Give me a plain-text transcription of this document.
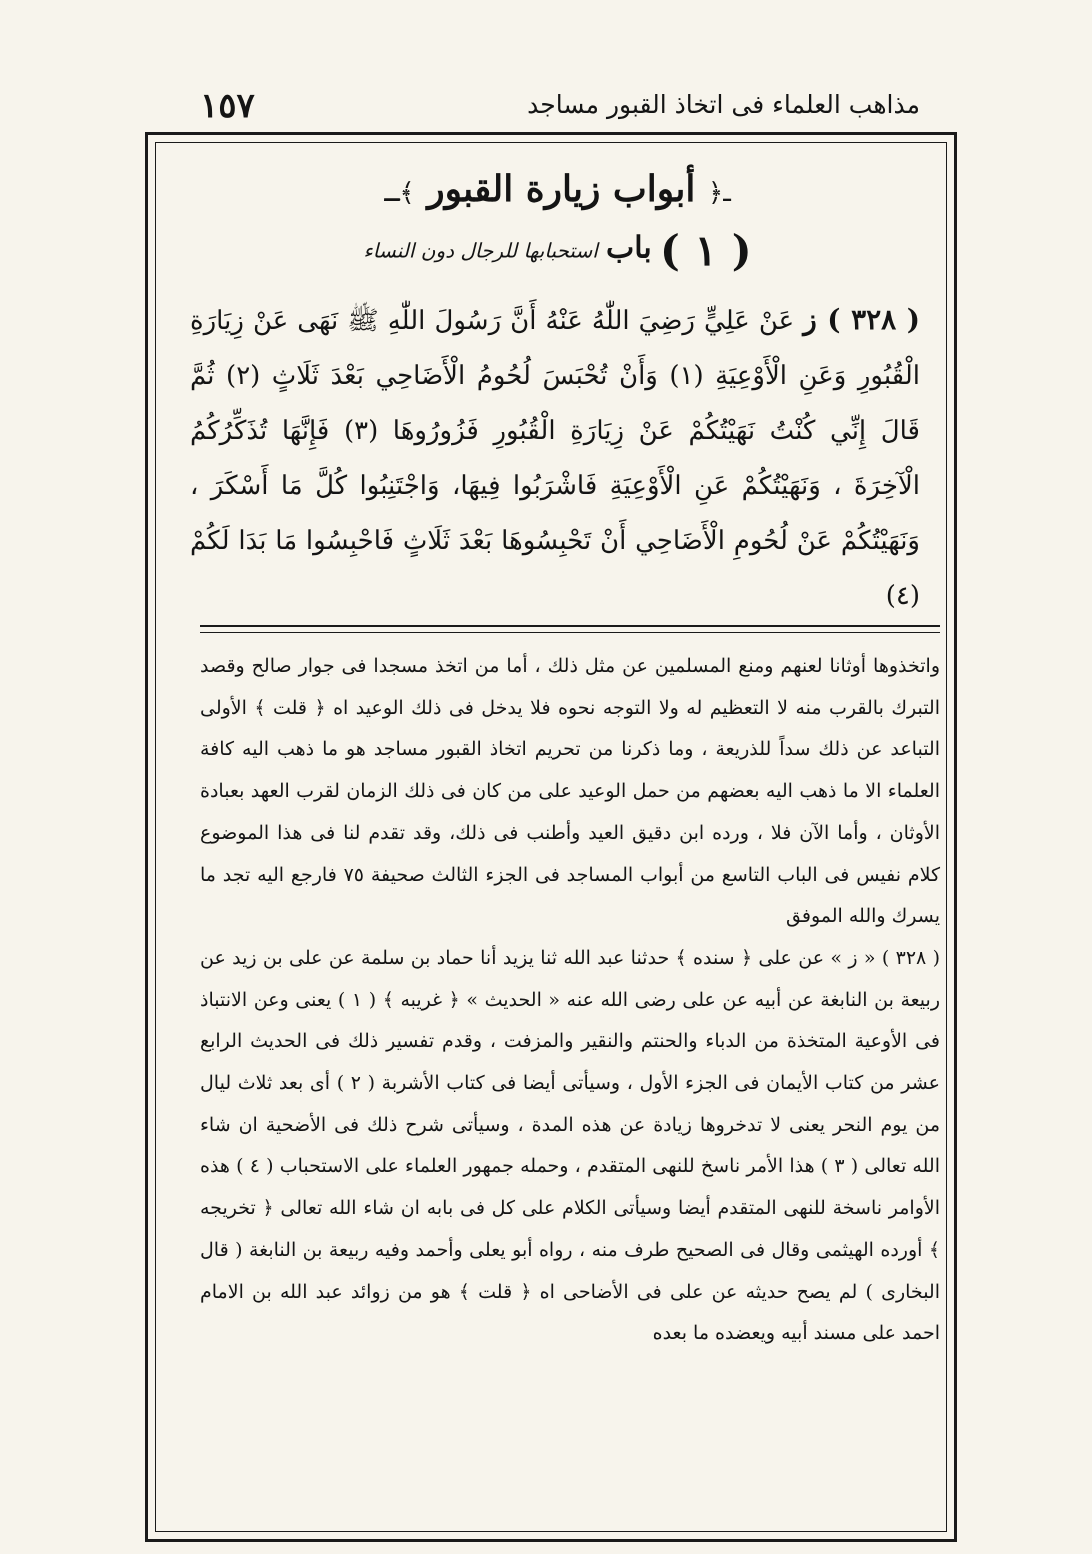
مذاهب العلماء فى اتخاذ القبور مساجد
١٥٧
ـ﴿ أبواب زيارة القبور ﴾ـ
( ١ ) باب استحبابها للرجال دون النساء
( ٣٢٨ ) ز عَنْ عَلِيٍّ رَضِيَ اللّٰهُ عَنْهُ أَنَّ رَسُولَ اللّٰهِ ﷺ نَهَى عَنْ زِيَارَةِ الْقُبُورِ وَعَنِ الْأَوْعِيَةِ (١) وَأَنْ تُحْبَسَ لُحُومُ الْأَضَاحِي بَعْدَ ثَلَاثٍ (٢) ثُمَّ قَالَ إِنِّي كُنْتُ نَهَيْتُكُمْ عَنْ زِيَارَةِ الْقُبُورِ فَزُورُوهَا (٣) فَإِنَّهَا تُذَكِّرُكُمُ الْآخِرَةَ ، وَنَهَيْتُكُمْ عَنِ الْأَوْعِيَةِ فَاشْرَبُوا فِيهَا، وَاجْتَنِبُوا كُلَّ مَا أَسْكَرَ ، وَنَهَيْتُكُمْ عَنْ لُحُومِ الْأَضَاحِي أَنْ تَحْبِسُوهَا بَعْدَ ثَلَاثٍ فَاحْبِسُوا مَا بَدَا لَكُمْ (٤)

واتخذوها أوثانا لعنهم ومنع المسلمين عن مثل ذلك ، أما من اتخذ مسجدا فى جوار صالح وقصد التبرك بالقرب منه لا التعظيم له ولا التوجه نحوه فلا يدخل فى ذلك الوعيد اه ﴿ قلت ﴾ الأولى التباعد عن ذلك سداً للذريعة ، وما ذكرنا من تحريم اتخاذ القبور مساجد هو ما ذهب اليه كافة العلماء الا ما ذهب اليه بعضهم من حمل الوعيد على من كان فى ذلك الزمان لقرب العهد بعبادة الأوثان ، وأما الآن فلا ، ورده ابن دقيق العيد وأطنب فى ذلك، وقد تقدم لنا فى هذا الموضوع كلام نفيس فى الباب التاسع من أبواب المساجد فى الجزء الثالث صحيفة ٧٥ فارجع اليه تجد ما يسرك والله الموفق

( ٣٢٨ ) « ز » عن على ﴿ سنده ﴾ حدثنا عبد الله ثنا يزيد أنا حماد بن سلمة عن على بن زيد عن ربيعة بن النابغة عن أبيه عن على رضى الله عنه « الحديث » ﴿ غريبه ﴾ ( ١ ) يعنى وعن الانتباذ فى الأوعية المتخذة من الدباء والحنتم والنقير والمزفت ، وقدم تفسير ذلك فى الحديث الرابع عشر من كتاب الأيمان فى الجزء الأول ، وسيأتى أيضا فى كتاب الأشربة ( ٢ ) أى بعد ثلاث ليال من يوم النحر يعنى لا تدخروها زيادة عن هذه المدة ، وسيأتى شرح ذلك فى الأضحية ان شاء الله تعالى ( ٣ ) هذا الأمر ناسخ للنهى المتقدم ، وحمله جمهور العلماء على الاستحباب ( ٤ ) هذه الأوامر ناسخة للنهى المتقدم أيضا وسيأتى الكلام على كل فى بابه ان شاء الله تعالى ﴿ تخريجه ﴾ أورده الهيثمى وقال فى الصحيح طرف منه ، رواه أبو يعلى وأحمد وفيه ربيعة بن النابغة ( قال البخارى ) لم يصح حديثه عن على فى الأضاحى اه ﴿ قلت ﴾ هو من زوائد عبد الله بن الامام احمد على مسند أبيه ويعضده ما بعده
